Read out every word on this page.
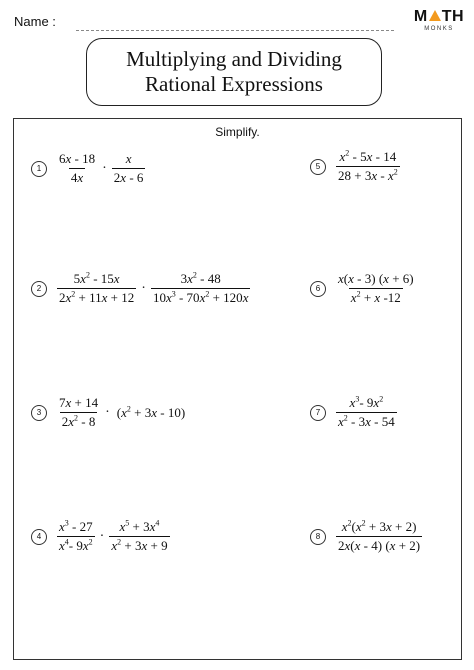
Name :	M TH
MONKS
Multiplying and Dividing
Rational Expressions
Simplify.
1	$\frac{6x - 18}{4x} \cdot \frac{x}{2x - 6}$
2	$\frac{5x^2 - 15x}{2x^2 + 11x + 12} \cdot \frac{3x^2 - 48}{10x^3 - 70x^2 + 120x}$
3	$\frac{7x + 14}{2x^2 - 8} \cdot (x^2 + 3x - 10)$
4	$\frac{x^3 - 27}{x^4- 9x^2} \cdot \frac{x^5 + 3x^4}{x^2 + 3x + 9}$
5	$\frac{x^2 - 5x - 14}{28 + 3x - x^2}$
6	$\frac{x(x - 3) (x + 6)}{x^2 + x -12}$
7	$\frac{x^3- 9x^2}{x^2 - 3x - 54}$
8	$\frac{x^2(x^2 + 3x + 2)}{2x(x - 4) (x + 2)}$
